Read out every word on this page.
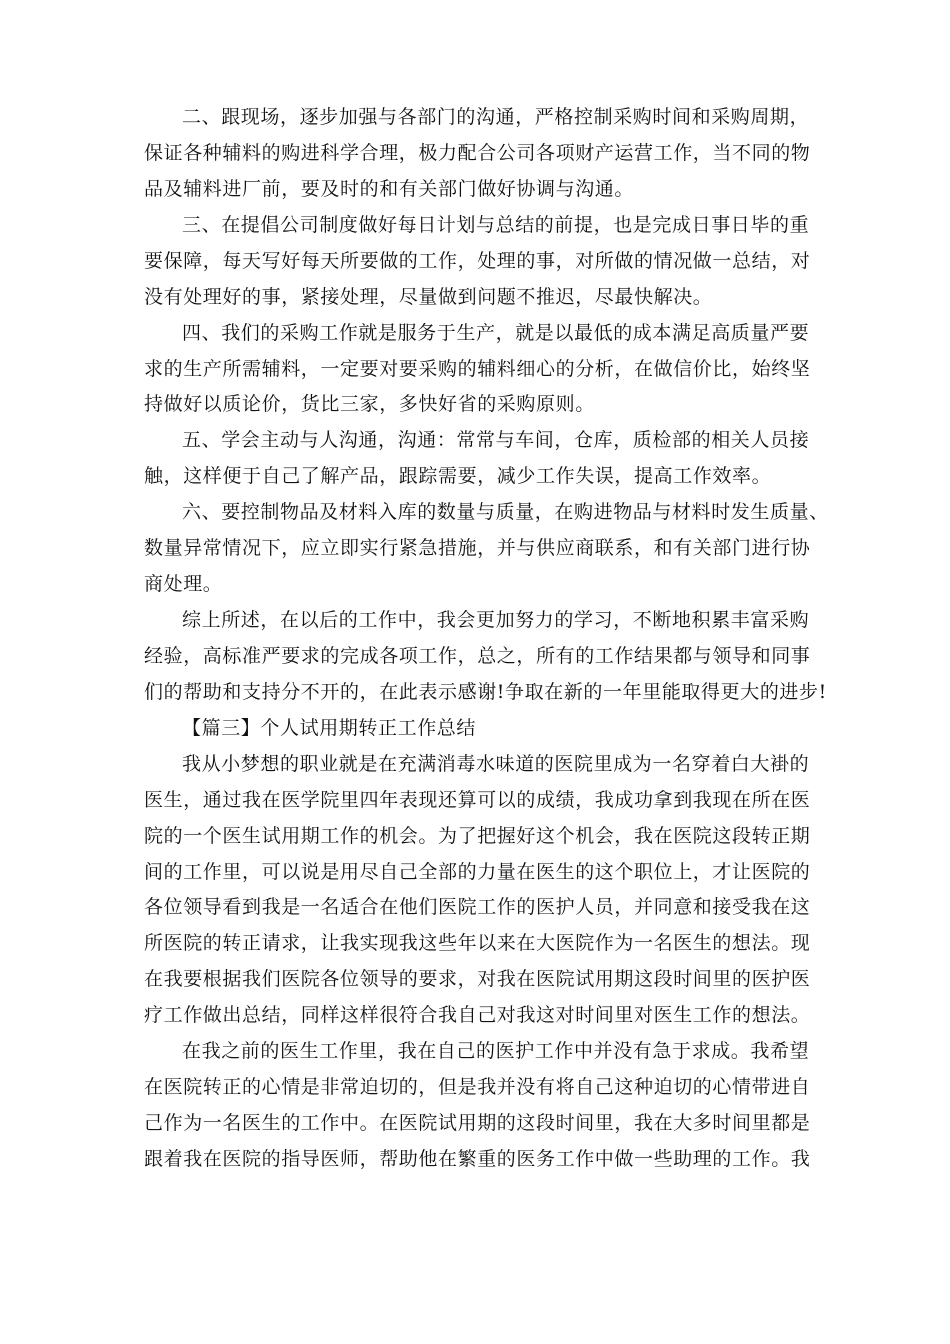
二、跟现场，逐步加强与各部门的沟通，严格控制采购时间和采购周期，

保证各种辅料的购进科学合理，极力配合公司各项财产运营工作，当不同的物

品及辅料进厂前，要及时的和有关部门做好协调与沟通。

三、在提倡公司制度做好每日计划与总结的前提，也是完成日事日毕的重

要保障，每天写好每天所要做的工作，处理的事，对所做的情况做一总结，对

没有处理好的事，紧接处理，尽量做到问题不推迟，尽最快解决。

四、我们的采购工作就是服务于生产，就是以最低的成本满足高质量严要

求的生产所需辅料，一定要对要采购的辅料细心的分析，在做信价比，始终坚

持做好以质论价，货比三家，多快好省的采购原则。

五、学会主动与人沟通，沟通：常常与车间，仓库，质检部的相关人员接

触，这样便于自己了解产品，跟踪需要，减少工作失误，提高工作效率。

六、要控制物品及材料入库的数量与质量，在购进物品与材料时发生质量、

数量异常情况下，应立即实行紧急措施，并与供应商联系，和有关部门进行协

商处理。

综上所述，在以后的工作中，我会更加努力的学习，不断地积累丰富采购

经验，高标准严要求的完成各项工作，总之，所有的工作结果都与领导和同事

们的帮助和支持分不开的，在此表示感谢!争取在新的一年里能取得更大的进步!

【篇三】个人试用期转正工作总结

我从小梦想的职业就是在充满消毒水味道的医院里成为一名穿着白大褂的

医生，通过我在医学院里四年表现还算可以的成绩，我成功拿到我现在所在医

院的一个医生试用期工作的机会。为了把握好这个机会，我在医院这段转正期

间的工作里，可以说是用尽自己全部的力量在医生的这个职位上，才让医院的

各位领导看到我是一名适合在他们医院工作的医护人员，并同意和接受我在这

所医院的转正请求，让我实现我这些年以来在大医院作为一名医生的想法。现

在我要根据我们医院各位领导的要求，对我在医院试用期这段时间里的医护医

疗工作做出总结，同样这样很符合我自己对我这对时间里对医生工作的想法。

在我之前的医生工作里，我在自己的医护工作中并没有急于求成。我希望

在医院转正的心情是非常迫切的，但是我并没有将自己这种迫切的心情带进自

己作为一名医生的工作中。在医院试用期的这段时间里，我在大多时间里都是

跟着我在医院的指导医师，帮助他在繁重的医务工作中做一些助理的工作。我
